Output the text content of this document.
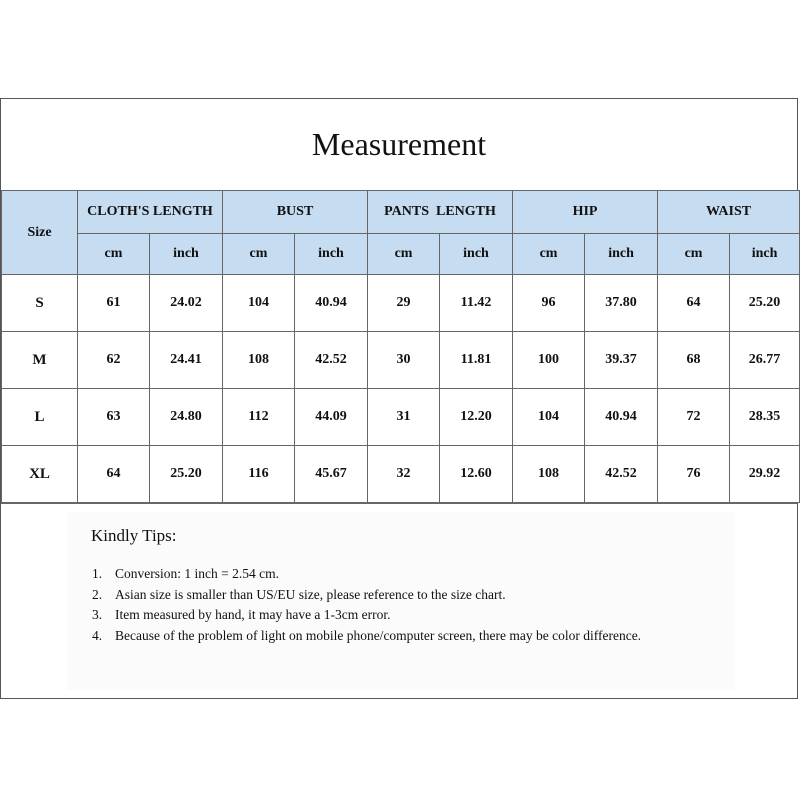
Measurement
Size	CLOTH'S LENGTH		BUST		PANTS  LENGTH		HIP		WAIST	
	cm	inch	cm	inch	cm	inch	cm	inch	cm	inch
S	61	24.02	104	40.94	29	11.42	96	37.80	64	25.20
M	62	24.41	108	42.52	30	11.81	100	39.37	68	26.77
L	63	24.80	112	44.09	31	12.20	104	40.94	72	28.35
XL	64	25.20	116	45.67	32	12.60	108	42.52	76	29.92
Kindly Tips:
1. Conversion: 1 inch = 2.54 cm.
2. Asian size is smaller than US/EU size, please reference to the size chart.
3. Item measured by hand, it may have a 1-3cm error.
4. Because of the problem of light on mobile phone/computer screen, there may be color difference.
